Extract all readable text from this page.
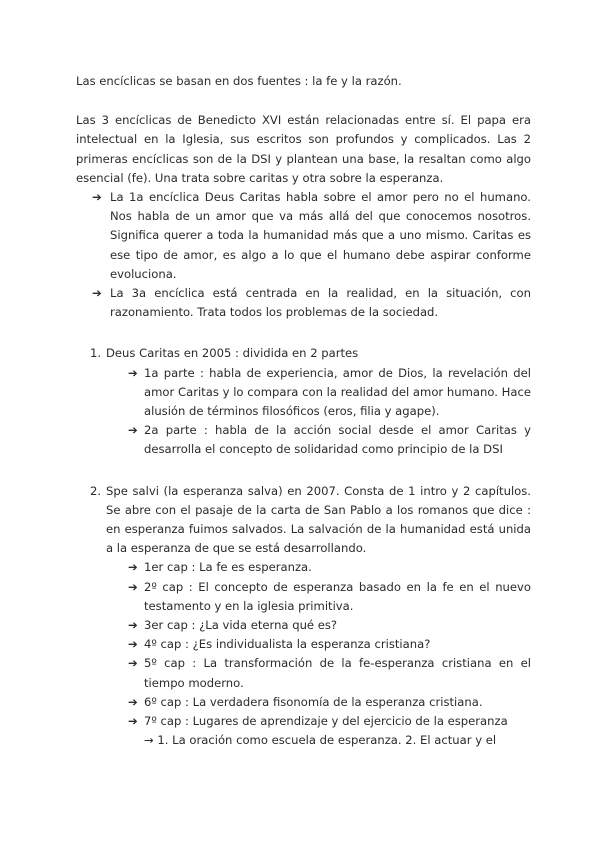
Las encíclicas se basan en dos fuentes : la fe y la razón.

Las 3 encíclicas de Benedicto XVI están relacionadas entre sí. El papa era intelectual en la Iglesia, sus escritos son profundos y complicados. Las 2 primeras encíclicas son de la DSI y plantean una base, la resaltan como algo esencial (fe). Una trata sobre caritas y otra sobre la esperanza.

➔ La 1a encíclica Deus Caritas habla sobre el amor pero no el humano. Nos habla de un amor que va más allá del que conocemos nosotros. Significa querer a toda la humanidad más que a uno mismo. Caritas es ese tipo de amor, es algo a lo que el humano debe aspirar conforme evoluciona.
➔ La 3a encíclica está centrada en la realidad, en la situación, con razonamiento. Trata todos los problemas de la sociedad.
1. Deus Caritas en 2005 : dividida en 2 partes
➔ 1a parte : habla de experiencia, amor de Dios, la revelación del amor Caritas y lo compara con la realidad del amor humano. Hace alusión de términos filosóficos (eros, filia y agape).
➔ 2a parte : habla de la acción social desde el amor Caritas y desarrolla el concepto de solidaridad como principio de la DSI
2. Spe salvi (la esperanza salva) en 2007. Consta de 1 intro y 2 capítulos. Se abre con el pasaje de la carta de San Pablo a los romanos que dice : en esperanza fuimos salvados. La salvación de la humanidad está unida a la esperanza de que se está desarrollando.
➔ 1er cap : La fe es esperanza.
➔ 2º cap : El concepto de esperanza basado en la fe en el nuevo testamento y en la iglesia primitiva.
➔ 3er cap : ¿La vida eterna qué es?
➔ 4º cap : ¿Es individualista la esperanza cristiana?
➔ 5º cap : La transformación de la fe-esperanza cristiana en el tiempo moderno.
➔ 6º cap : La verdadera fisonomía de la esperanza cristiana.
➔ 7º cap : Lugares de aprendizaje y del ejercicio de la esperanza
→ 1. La oración como escuela de esperanza. 2. El actuar y el
